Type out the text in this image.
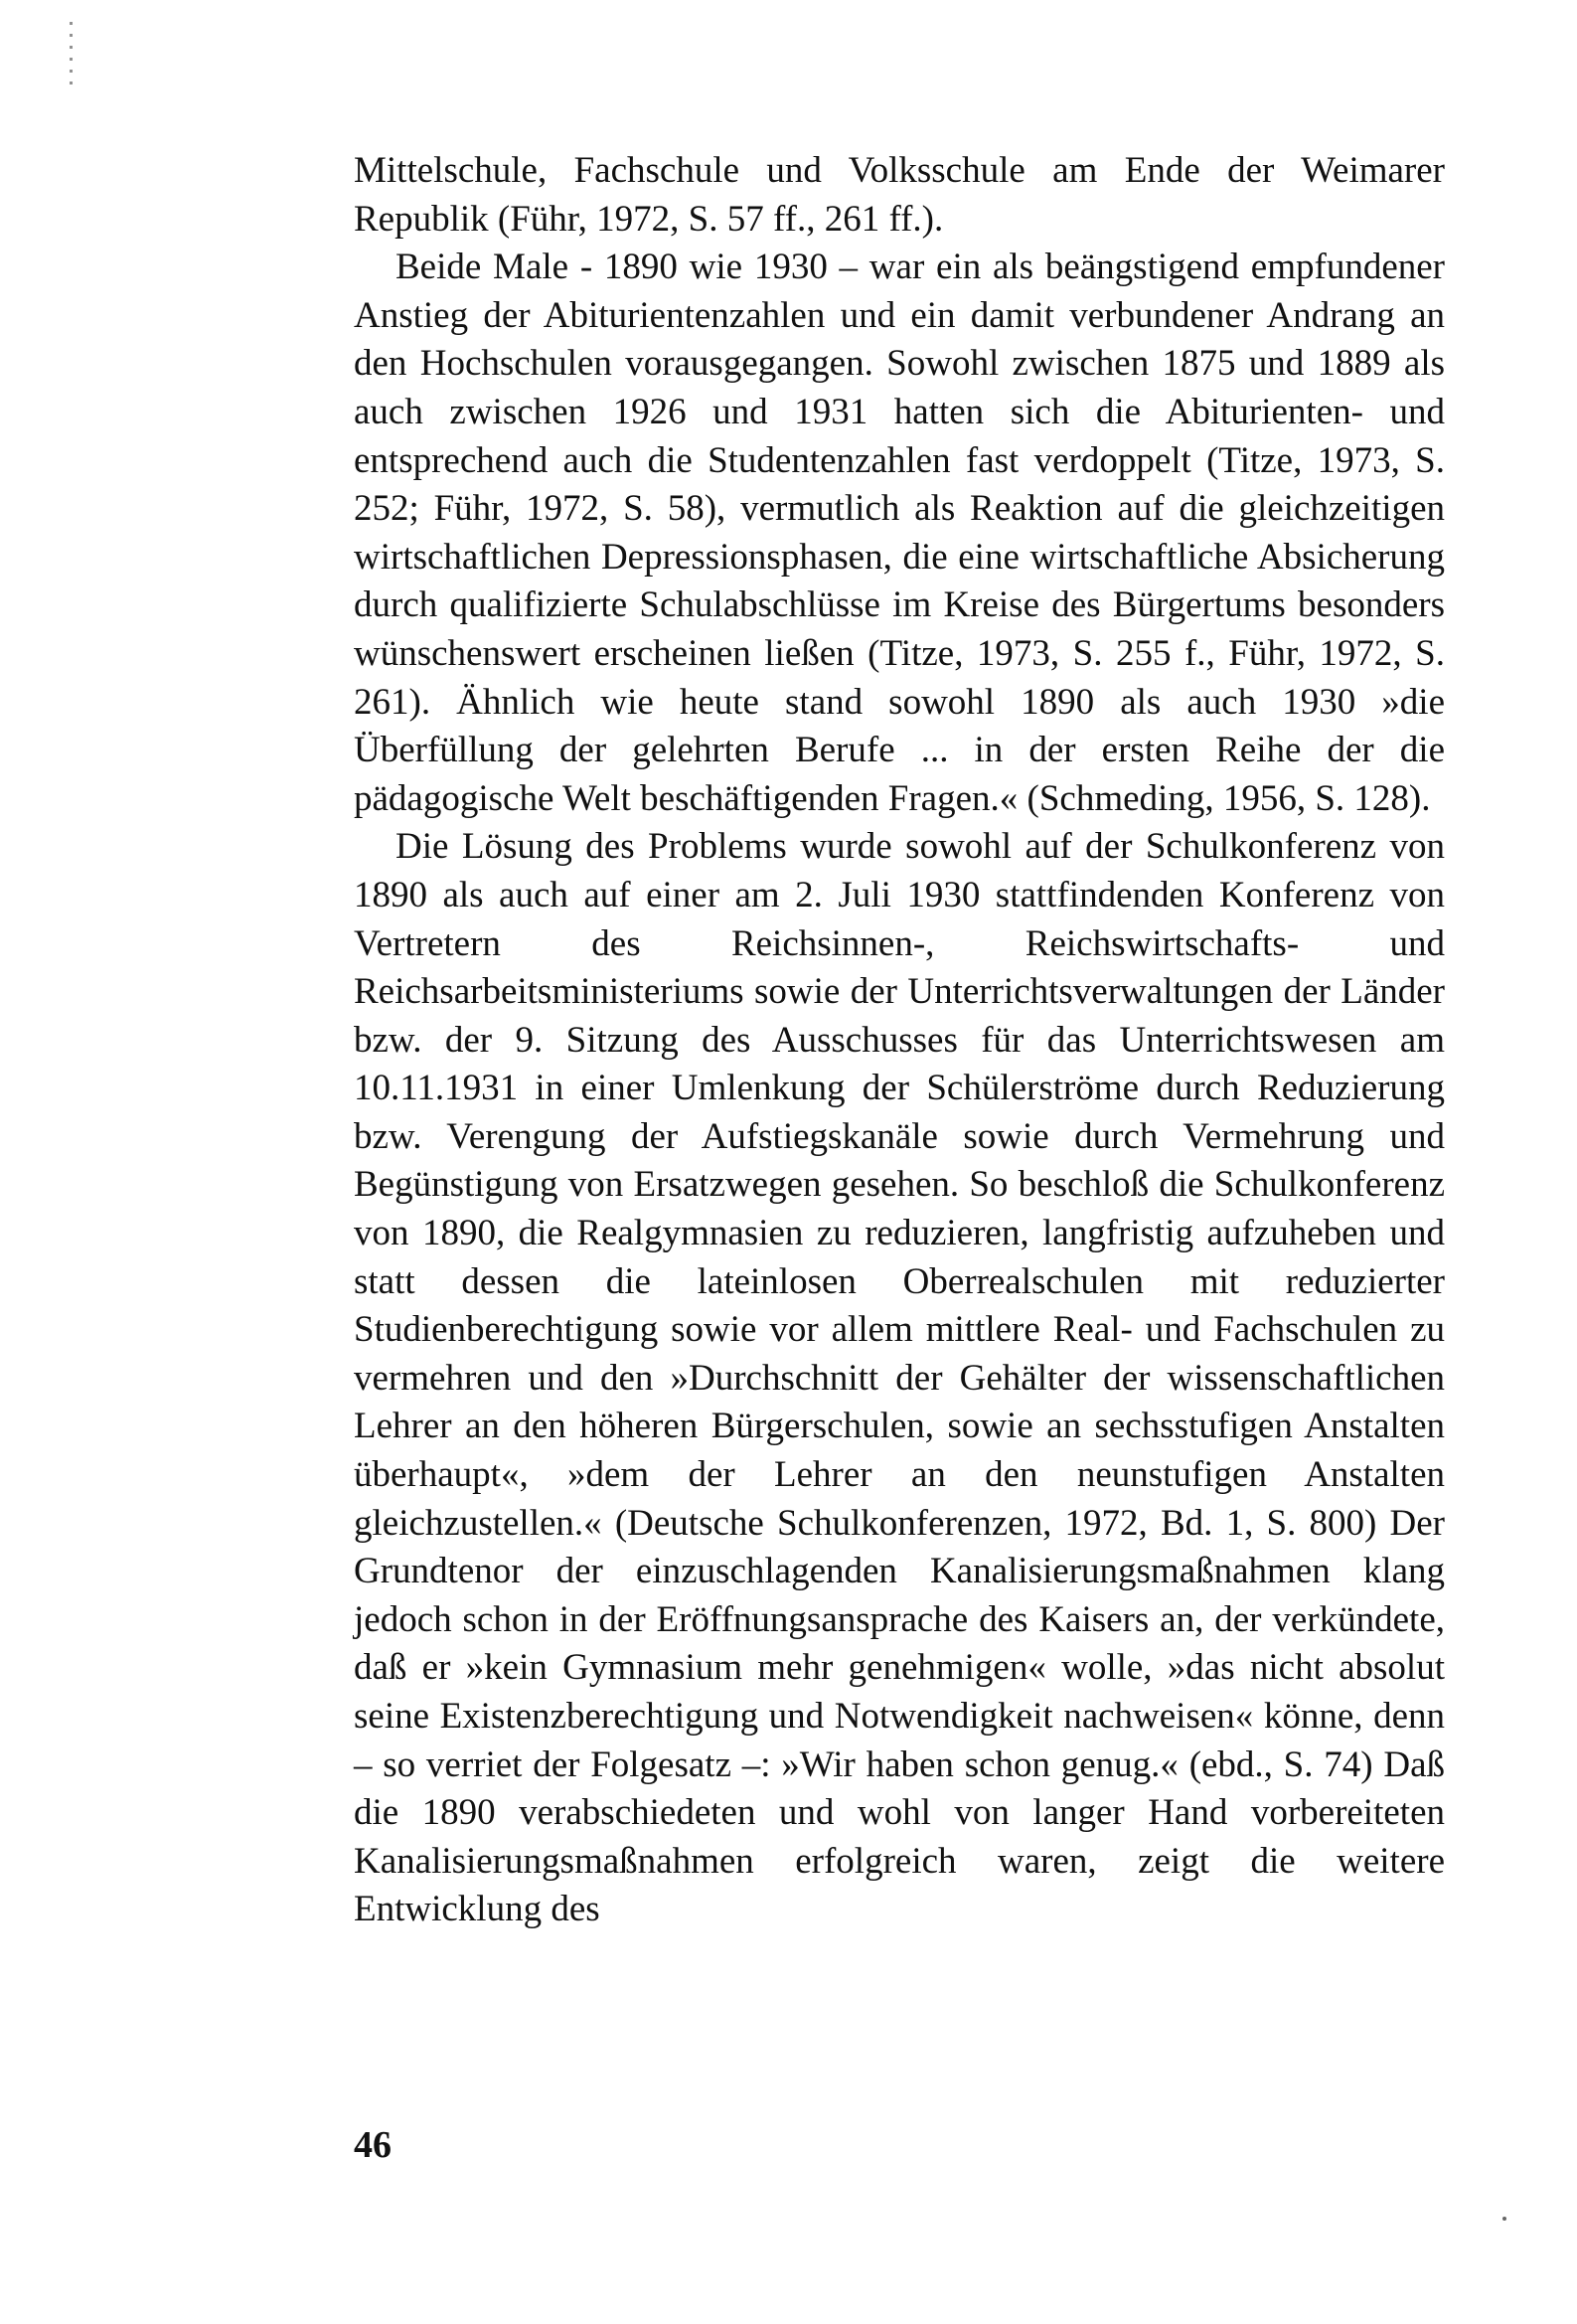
Mittelschule, Fachschule und Volksschule am Ende der Weimarer Republik (Führ, 1972, S. 57 ff., 261 ff.).

Beide Male - 1890 wie 1930 – war ein als beängstigend empfundener Anstieg der Abiturientenzahlen und ein damit verbundener Andrang an den Hochschulen vorausgegangen. Sowohl zwischen 1875 und 1889 als auch zwischen 1926 und 1931 hatten sich die Abiturienten- und entsprechend auch die Studentenzahlen fast verdoppelt (Titze, 1973, S. 252; Führ, 1972, S. 58), vermutlich als Reaktion auf die gleichzeitigen wirtschaftlichen Depressionsphasen, die eine wirtschaftliche Absicherung durch qualifizierte Schulabschlüsse im Kreise des Bürgertums besonders wünschenswert erscheinen ließen (Titze, 1973, S. 255 f., Führ, 1972, S. 261). Ähnlich wie heute stand sowohl 1890 als auch 1930 »die Überfüllung der gelehrten Berufe ... in der ersten Reihe der die pädagogische Welt beschäftigenden Fragen.« (Schmeding, 1956, S. 128).

Die Lösung des Problems wurde sowohl auf der Schulkonferenz von 1890 als auch auf einer am 2. Juli 1930 stattfindenden Konferenz von Vertretern des Reichsinnen-, Reichswirtschafts- und Reichsarbeitsministeriums sowie der Unterrichtsverwaltungen der Länder bzw. der 9. Sitzung des Ausschusses für das Unterrichtswesen am 10.11.1931 in einer Umlenkung der Schülerströme durch Reduzierung bzw. Verengung der Aufstiegskanäle sowie durch Vermehrung und Begünstigung von Ersatzwegen gesehen. So beschloß die Schulkonferenz von 1890, die Realgymnasien zu reduzieren, langfristig aufzuheben und statt dessen die lateinlosen Oberrealschulen mit reduzierter Studienberechtigung sowie vor allem mittlere Real- und Fachschulen zu vermehren und den »Durchschnitt der Gehälter der wissenschaftlichen Lehrer an den höheren Bürgerschulen, sowie an sechsstufigen Anstalten überhaupt«, »dem der Lehrer an den neunstufigen Anstalten gleichzustellen.« (Deutsche Schulkonferenzen, 1972, Bd. 1, S. 800) Der Grundtenor der einzuschlagenden Kanalisierungsmaßnahmen klang jedoch schon in der Eröffnungsansprache des Kaisers an, der verkündete, daß er »kein Gymnasium mehr genehmigen« wolle, »das nicht absolut seine Existenzberechtigung und Notwendigkeit nachweisen« könne, denn – so verriet der Folgesatz –: »Wir haben schon genug.« (ebd., S. 74) Daß die 1890 verabschiedeten und wohl von langer Hand vorbereiteten Kanalisierungsmaßnahmen erfolgreich waren, zeigt die weitere Entwicklung des

46
